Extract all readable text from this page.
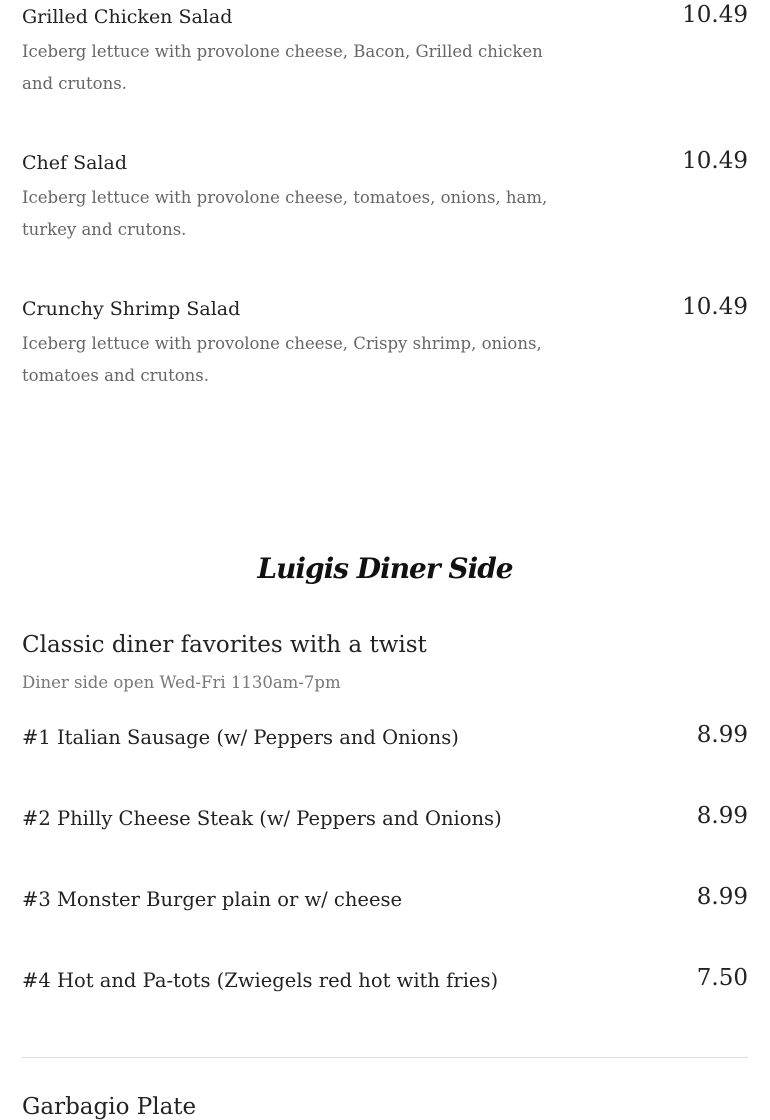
Grilled Chicken Salad	10.49
Iceberg lettuce with provolone cheese, Bacon, Grilled chicken and crutons.
Chef Salad	10.49
Iceberg lettuce with provolone cheese, tomatoes, onions, ham, turkey and crutons.
Crunchy Shrimp Salad	10.49
Iceberg lettuce with provolone cheese, Crispy shrimp, onions, tomatoes and crutons.
Luigis Diner Side
Classic diner favorites with a twist
Diner side open Wed-Fri 1130am-7pm
#1 Italian Sausage (w/ Peppers and Onions)	8.99
#2 Philly Cheese Steak (w/ Peppers and Onions)	8.99
#3 Monster Burger plain or w/ cheese	8.99
#4 Hot and Pa-tots (Zwiegels red hot with fries)	7.50
Garbagio Plate
